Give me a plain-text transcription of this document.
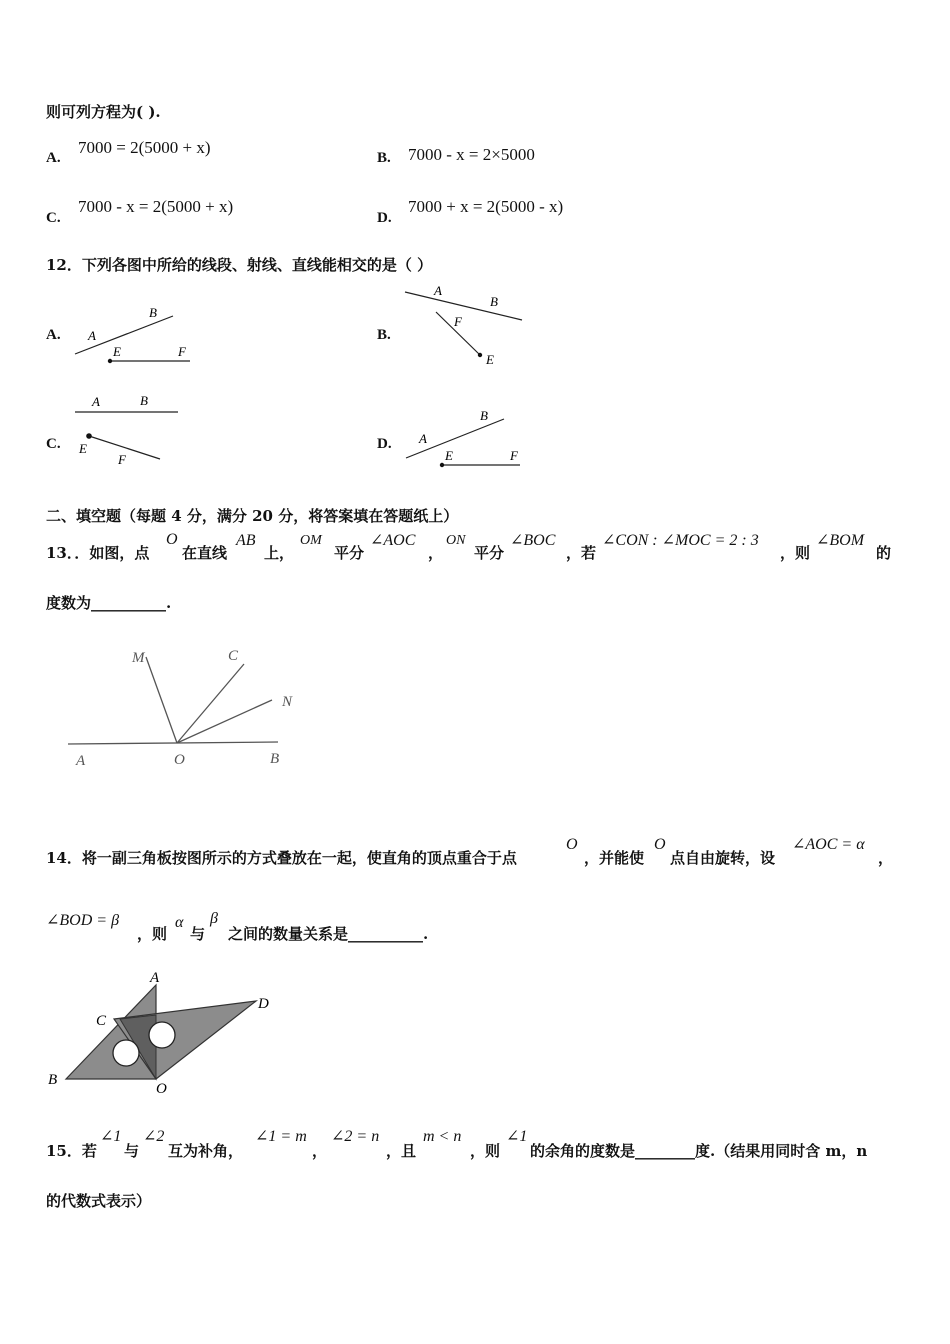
则可列方程为( ).
A.
7000 = 2(5000 + x)
B. 7000 - x = 2×5000
C.
7000 - x = 2(5000 + x)
D.
7000 + x = 2(5000 - x)
12．下列各图中所给的线段、射线、直线能相交的是（ ）
A. A
B
E	F
B.
A
B
F
E
C.
A	B
E
F
D. A
B
E	F
二、填空题（每题 4 分，满分 20 分，将答案填在答题纸上）
13．．如图，点
O
在直线
AB
上，
OM
平分
∠AOC
，
ON
平分
∠BOC
，若
∠CON : ∠MOC = 2 : 3
，则
∠BOM
的
度数为__________.
M	C
N
A	O	B
14．将一副三角板按图所示的方式叠放在一起，使直角的顶点重合于点
O
，并能使
O
点自由旋转，设
∠AOC = α
，
∠BOD = β
，则
α
与
β
之间的数量关系是__________.
A
C
D
B
O
15．若
∠1
与
∠2
互为补角，
∠1 = m
，
∠2 = n
，且
m < n
，则
∠1
的余角的度数是________度.（结果用同时含 m，n
的代数式表示）
